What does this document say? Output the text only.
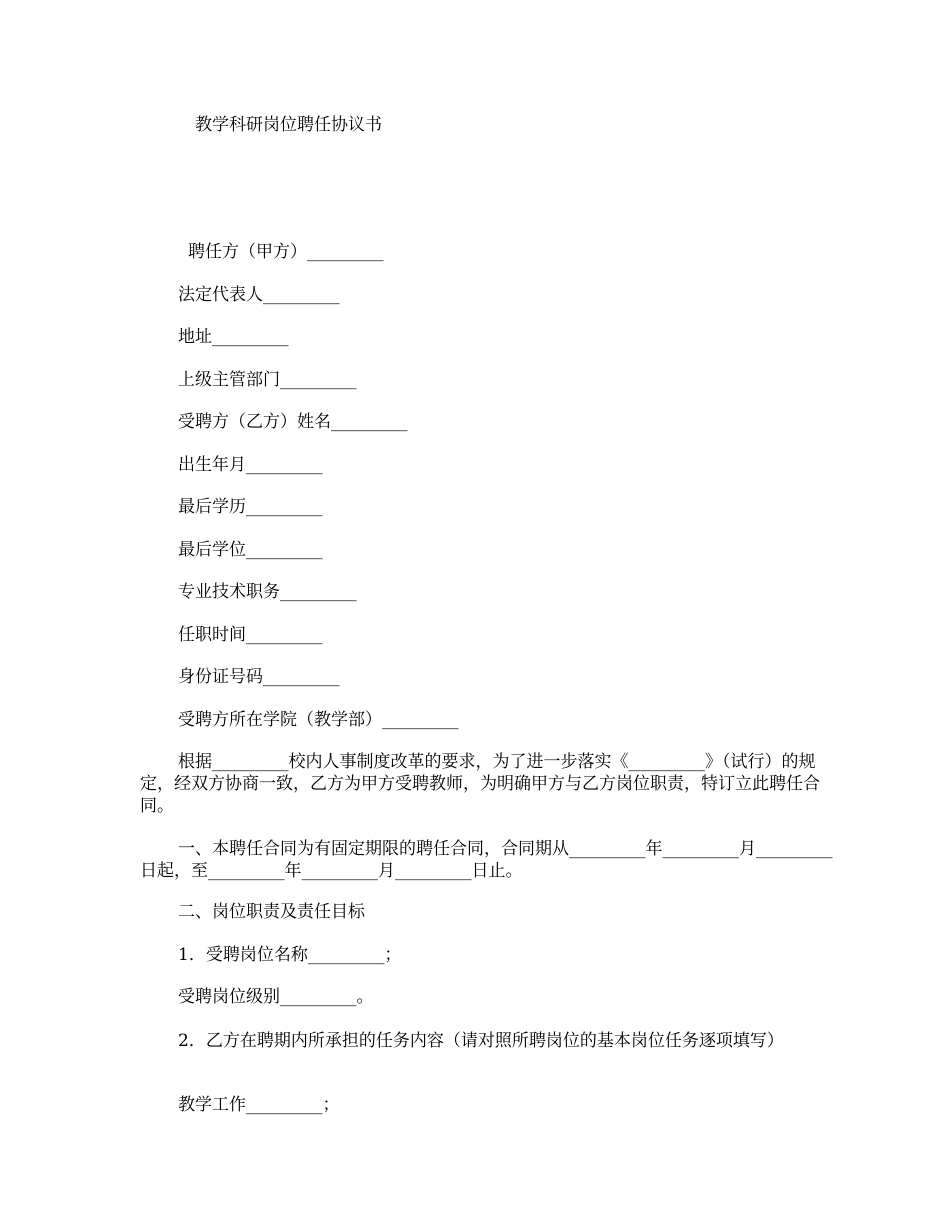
教学科研岗位聘任协议书
聘任方（甲方）_________
法定代表人_________
地址_________
上级主管部门_________
受聘方（乙方）姓名_________
出生年月_________
最后学历_________
最后学位_________
专业技术职务_________
任职时间_________
身份证号码_________
受聘方所在学院（教学部）_________
根据_________校内人事制度改革的要求，为了进一步落实《_________》（试行）的规定，经双方协商一致，乙方为甲方受聘教师，为明确甲方与乙方岗位职责，特订立此聘任合同。
一、本聘任合同为有固定期限的聘任合同，合同期从_________年_________月_________日起，至_________年_________月_________日止。
二、岗位职责及责任目标
1．受聘岗位名称_________；
受聘岗位级别_________。
2．乙方在聘期内所承担的任务内容（请对照所聘岗位的基本岗位任务逐项填写）
教学工作_________；
